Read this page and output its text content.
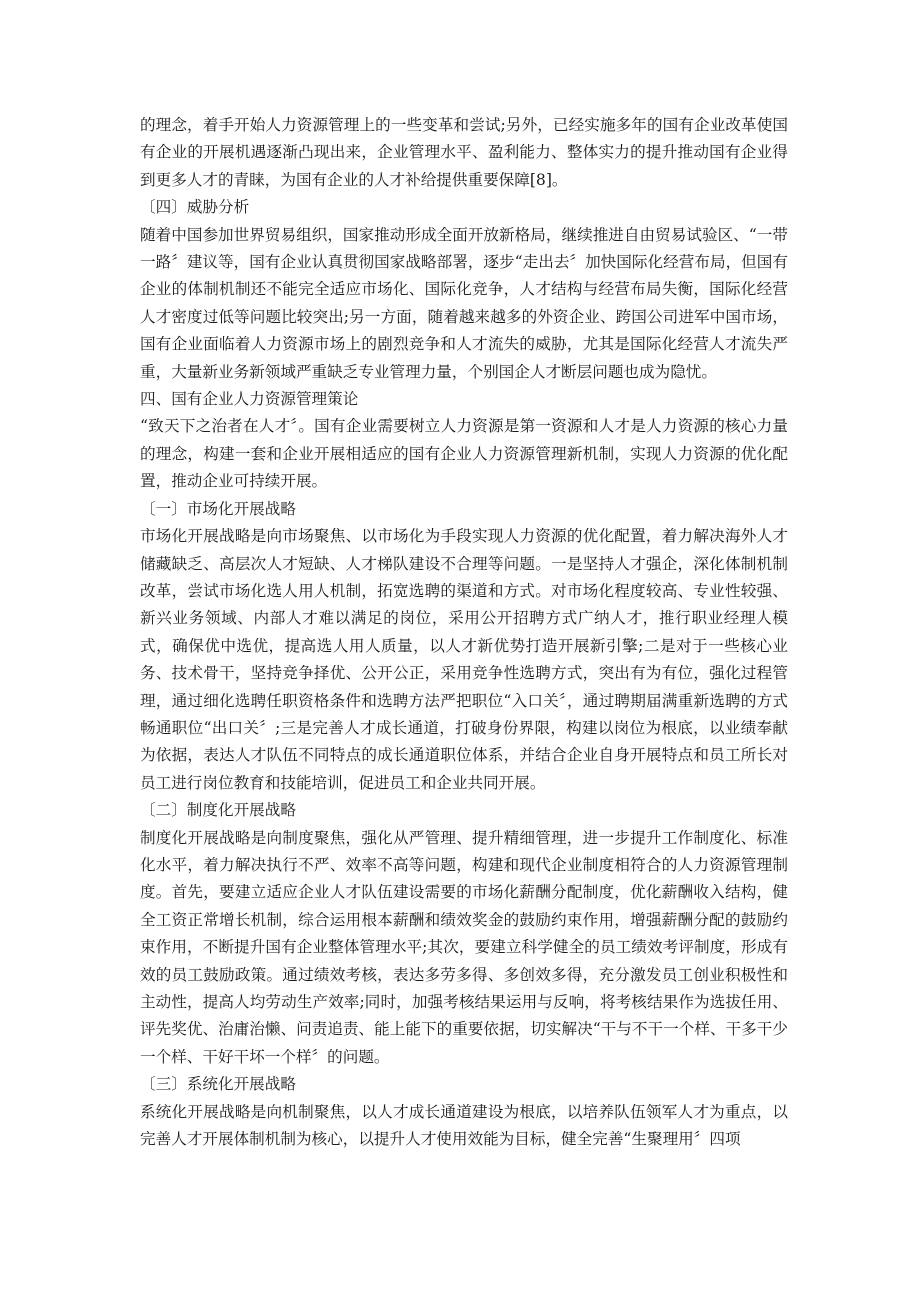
的理念，着手开始人力资源管理上的一些变革和尝试;另外，已经实施多年的国有企业改革使国有企业的开展机遇逐渐凸现出来，企业管理水平、盈利能力、整体实力的提升推动国有企业得到更多人才的青睐，为国有企业的人才补给提供重要保障[8]。

〔四〕威胁分析

随着中国参加世界贸易组织，国家推动形成全面开放新格局，继续推进自由贸易试验区、“一带一路〞建议等，国有企业认真贯彻国家战略部署，逐步“走出去〞加快国际化经营布局，但国有企业的体制机制还不能完全适应市场化、国际化竞争，人才结构与经营布局失衡，国际化经营人才密度过低等问题比较突出;另一方面，随着越来越多的外资企业、跨国公司进军中国市场，国有企业面临着人力资源市场上的剧烈竞争和人才流失的威胁，尤其是国际化经营人才流失严重，大量新业务新领域严重缺乏专业管理力量，个别国企人才断层问题也成为隐忧。

四、国有企业人力资源管理策论

“致天下之治者在人才〞。国有企业需要树立人力资源是第一资源和人才是人力资源的核心力量的理念，构建一套和企业开展相适应的国有企业人力资源管理新机制，实现人力资源的优化配置，推动企业可持续开展。

〔一〕市场化开展战略

市场化开展战略是向市场聚焦、以市场化为手段实现人力资源的优化配置，着力解决海外人才储藏缺乏、高层次人才短缺、人才梯队建设不合理等问题。一是坚持人才强企，深化体制机制改革，尝试市场化选人用人机制，拓宽选聘的渠道和方式。对市场化程度较高、专业性较强、新兴业务领域、内部人才难以满足的岗位，采用公开招聘方式广纳人才，推行职业经理人模式，确保优中选优，提高选人用人质量，以人才新优势打造开展新引擎;二是对于一些核心业务、技术骨干，坚持竞争择优、公开公正，采用竞争性选聘方式，突出有为有位，强化过程管理，通过细化选聘任职资格条件和选聘方法严把职位“入口关〞，通过聘期届满重新选聘的方式畅通职位“出口关〞;三是完善人才成长通道，打破身份界限，构建以岗位为根底，以业绩奉献为依据，表达人才队伍不同特点的成长通道职位体系，并结合企业自身开展特点和员工所长对员工进行岗位教育和技能培训，促进员工和企业共同开展。

〔二〕制度化开展战略

制度化开展战略是向制度聚焦，强化从严管理、提升精细管理，进一步提升工作制度化、标准化水平，着力解决执行不严、效率不高等问题，构建和现代企业制度相符合的人力资源管理制度。首先，要建立适应企业人才队伍建设需要的市场化薪酬分配制度，优化薪酬收入结构，健全工资正常增长机制，综合运用根本薪酬和绩效奖金的鼓励约束作用，增强薪酬分配的鼓励约束作用，不断提升国有企业整体管理水平;其次，要建立科学健全的员工绩效考评制度，形成有效的员工鼓励政策。通过绩效考核，表达多劳多得、多创效多得，充分激发员工创业积极性和主动性，提高人均劳动生产效率;同时，加强考核结果运用与反响，将考核结果作为选拔任用、评先奖优、治庸治懒、问责追责、能上能下的重要依据，切实解决“干与不干一个样、干多干少一个样、干好干坏一个样〞的问题。

〔三〕系统化开展战略

系统化开展战略是向机制聚焦，以人才成长通道建设为根底，以培养队伍领军人才为重点，以完善人才开展体制机制为核心，以提升人才使用效能为目标，健全完善“生聚理用〞四项
